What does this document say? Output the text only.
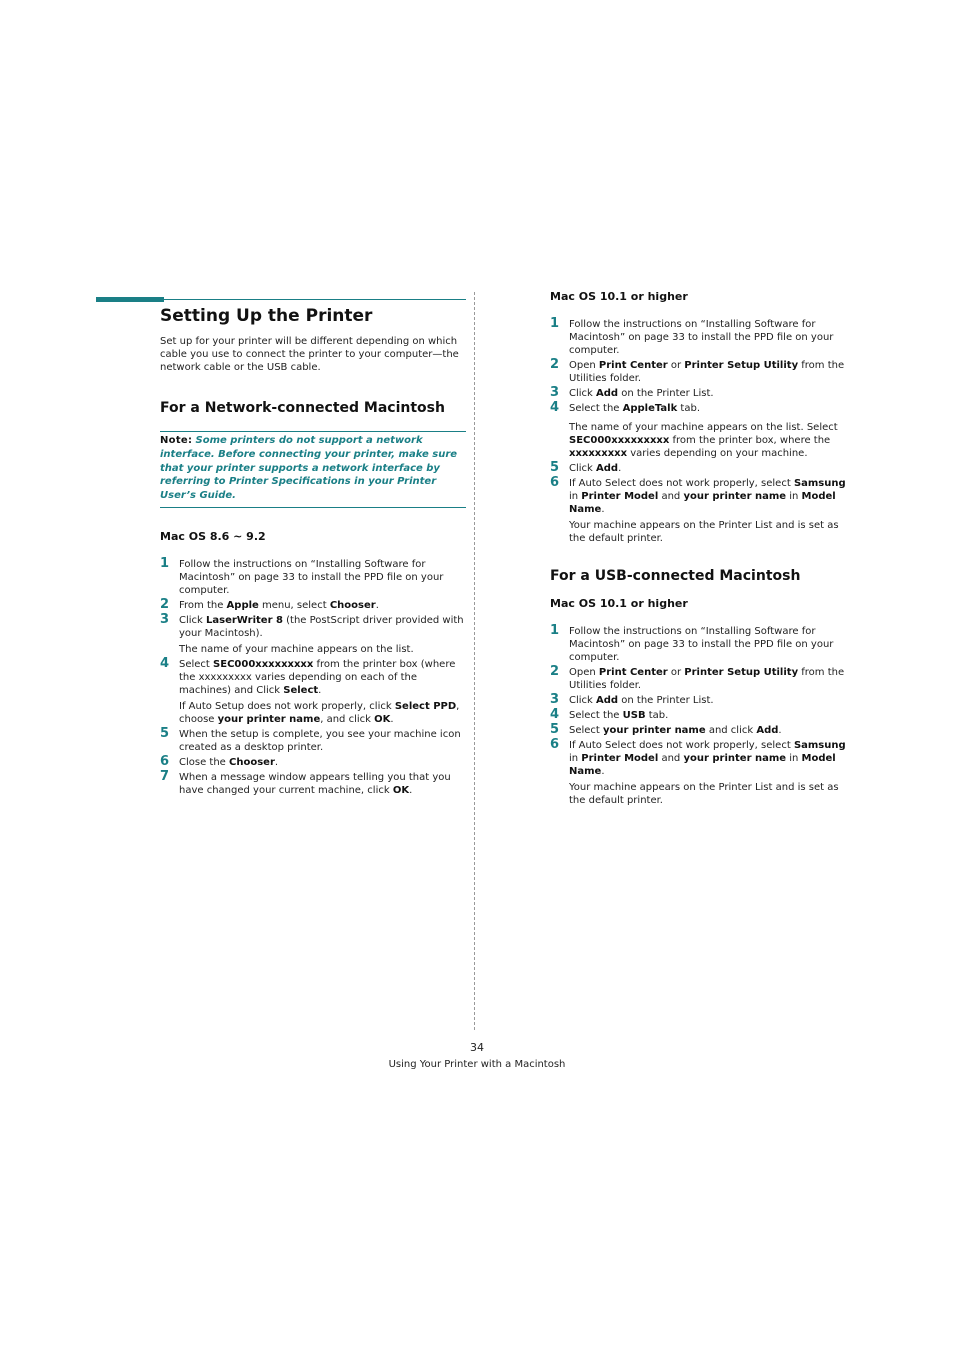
Setting Up the Printer

Set up for your printer will be different depending on which cable you use to connect the printer to your computer—the network cable or the USB cable.

For a Network-connected Macintosh
Note: Some printers do not support a network interface. Before connecting your printer, make sure that your printer supports a network interface by referring to Printer Specifications in your Printer User’s Guide.
Mac OS 8.6 ~ 9.2
1 Follow the instructions on “Installing Software for Macintosh” on page 33 to install the PPD file on your computer.
2 From the Apple menu, select Chooser.
3 Click LaserWriter 8 (the PostScript driver provided with your Macintosh).
The name of your machine appears on the list.
4 Select SEC000xxxxxxxxx from the printer box (where the xxxxxxxxx varies depending on each of the machines) and Click Select.
If Auto Setup does not work properly, click Select PPD, choose your printer name, and click OK.
5 When the setup is complete, you see your machine icon created as a desktop printer.
6 Close the Chooser.
7 When a message window appears telling you that you have changed your current machine, click OK.
Mac OS 10.1 or higher
1 Follow the instructions on “Installing Software for Macintosh” on page 33 to install the PPD file on your computer.
2 Open Print Center or Printer Setup Utility from the Utilities folder.
3 Click Add on the Printer List.
4 Select the AppleTalk tab.
The name of your machine appears on the list. Select SEC000xxxxxxxxx from the printer box, where the xxxxxxxxx varies depending on your machine.
5 Click Add.
6 If Auto Select does not work properly, select Samsung in Printer Model and your printer name in Model Name.
Your machine appears on the Printer List and is set as the default printer.
For a USB-connected Macintosh
Mac OS 10.1 or higher
1 Follow the instructions on “Installing Software for Macintosh” on page 33 to install the PPD file on your computer.
2 Open Print Center or Printer Setup Utility from the Utilities folder.
3 Click Add on the Printer List.
4 Select the USB tab.
5 Select your printer name and click Add.
6 If Auto Select does not work properly, select Samsung in Printer Model and your printer name in Model Name.
Your machine appears on the Printer List and is set as the default printer.
34
Using Your Printer with a Macintosh
